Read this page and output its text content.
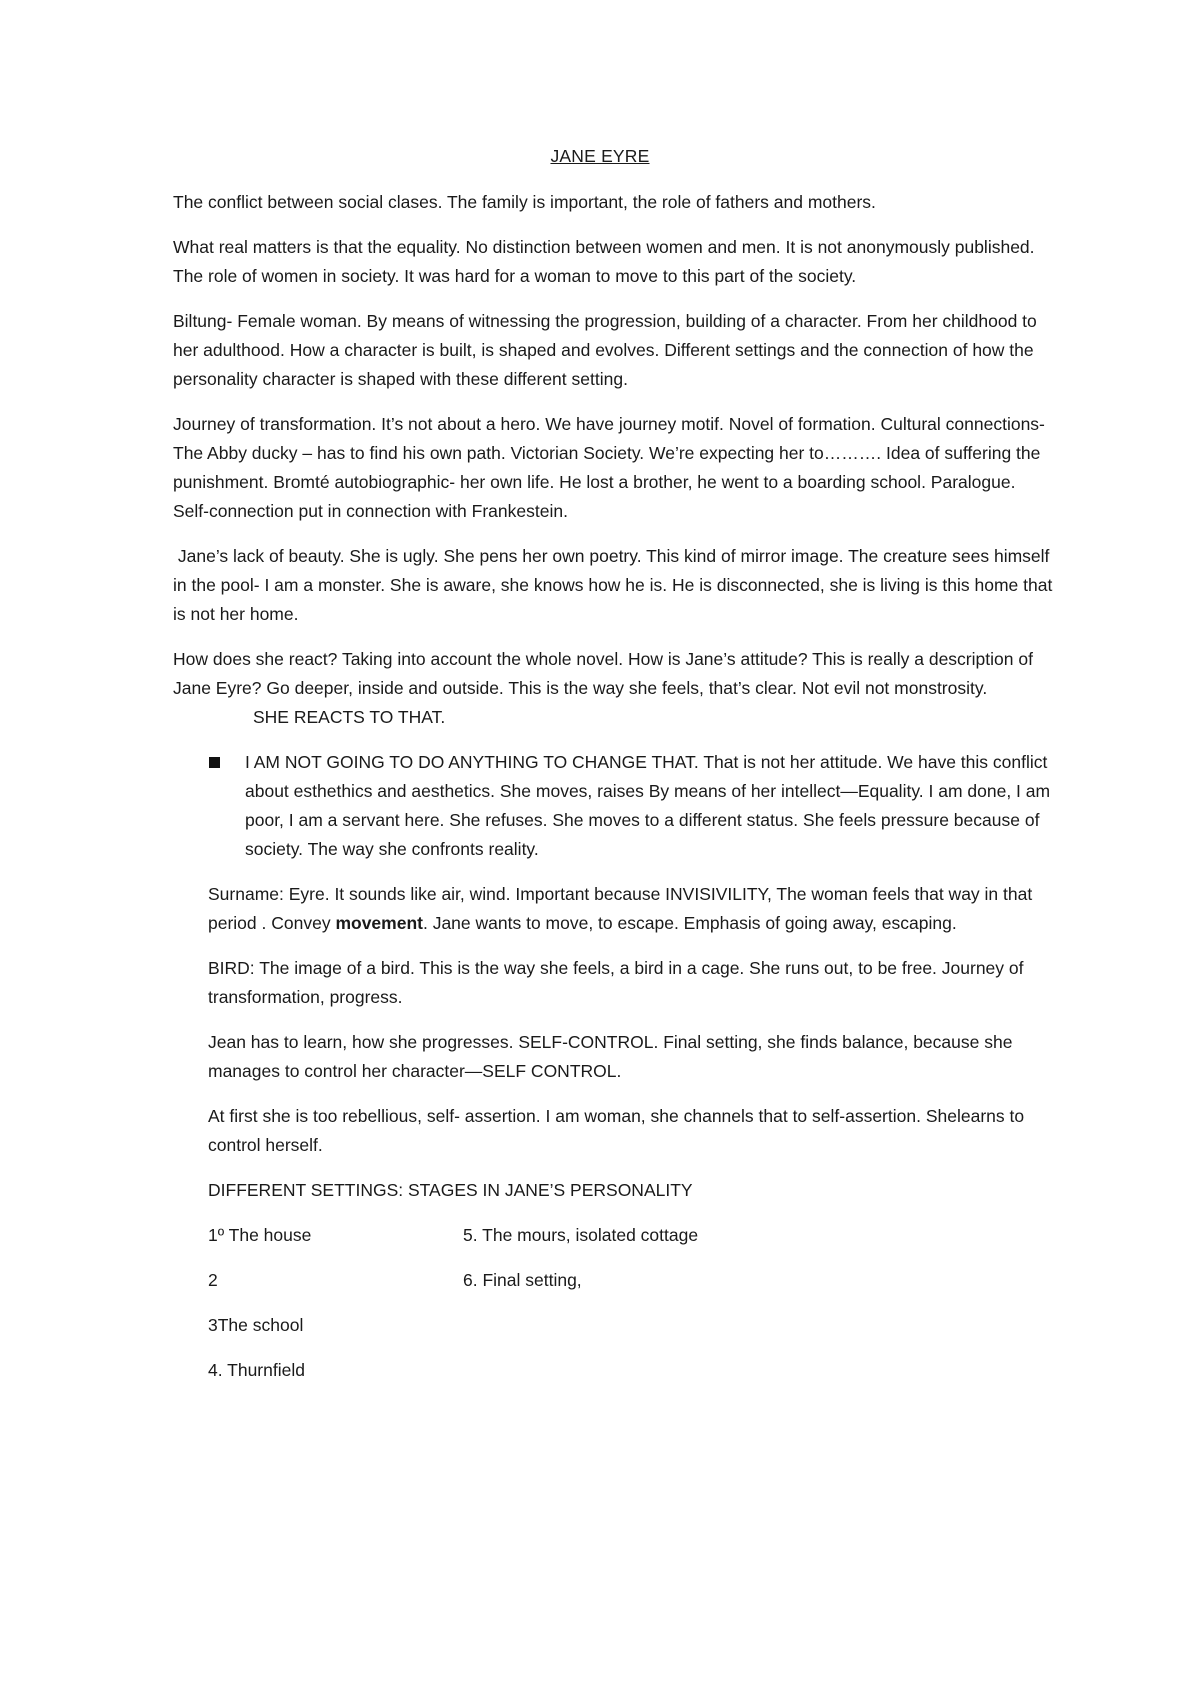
JANE EYRE

The conflict between social clases. The family is important, the role of fathers and mothers.

What real matters is that the equality. No distinction between women and men. It is not anonymously published. The role of women in society. It was hard for a woman to move to this part of the society.

Biltung- Female woman. By means of witnessing the progression, building of a character. From her childhood to her adulthood. How a character is built, is shaped and evolves. Different settings and the connection of how the personality character is shaped with these different setting.

Journey of transformation. It’s not about a hero. We have journey motif. Novel of formation. Cultural connections- The Abby ducky – has to find his own path. Victorian Society. We’re expecting her to………. Idea of suffering the punishment. Bromté autobiographic- her own life. He lost a brother, he went to a boarding school. Paralogue. Self-connection put in connection with Frankestein.

Jane’s lack of beauty. She is ugly. She pens her own poetry. This kind of mirror image. The creature sees himself in the pool- I am a monster. She is aware, she knows how he is. He is disconnected, she is living is this home that is not her home.

How does she react? Taking into account the whole novel. How is Jane’s attitude? This is really a description of Jane Eyre? Go deeper, inside and outside. This is the way she feels, that’s clear. Not evil not monstrosity.SHE REACTS TO THAT.

I AM NOT GOING TO DO ANYTHING TO CHANGE THAT. That is not her attitude. We have this conflict about esthethics and aesthetics. She moves, raises By means of her intellect—Equality. I am done, I am poor, I am a servant here. She refuses. She moves to a different status. She feels pressure because of society. The way she confronts reality.

Surname: Eyre. It sounds like air, wind. Important because INVISIVILITY, The woman feels that way in that period . Convey movement. Jane wants to move, to escape. Emphasis of going away, escaping.

BIRD: The image of a bird. This is the way she feels, a bird in a cage. She runs out, to be free. Journey of transformation, progress.

Jean has to learn, how she progresses. SELF-CONTROL. Final setting, she finds balance, because she manages to control her character—SELF CONTROL.

At first she is too rebellious, self- assertion. I am woman, she channels that to self-assertion. Shelearns to control herself.

DIFFERENT SETTINGS: STAGES IN JANE’S PERSONALITY

1º The house	5. The mours, isolated cottage
2	6. Final setting,
3The school
4. Thurnfield
